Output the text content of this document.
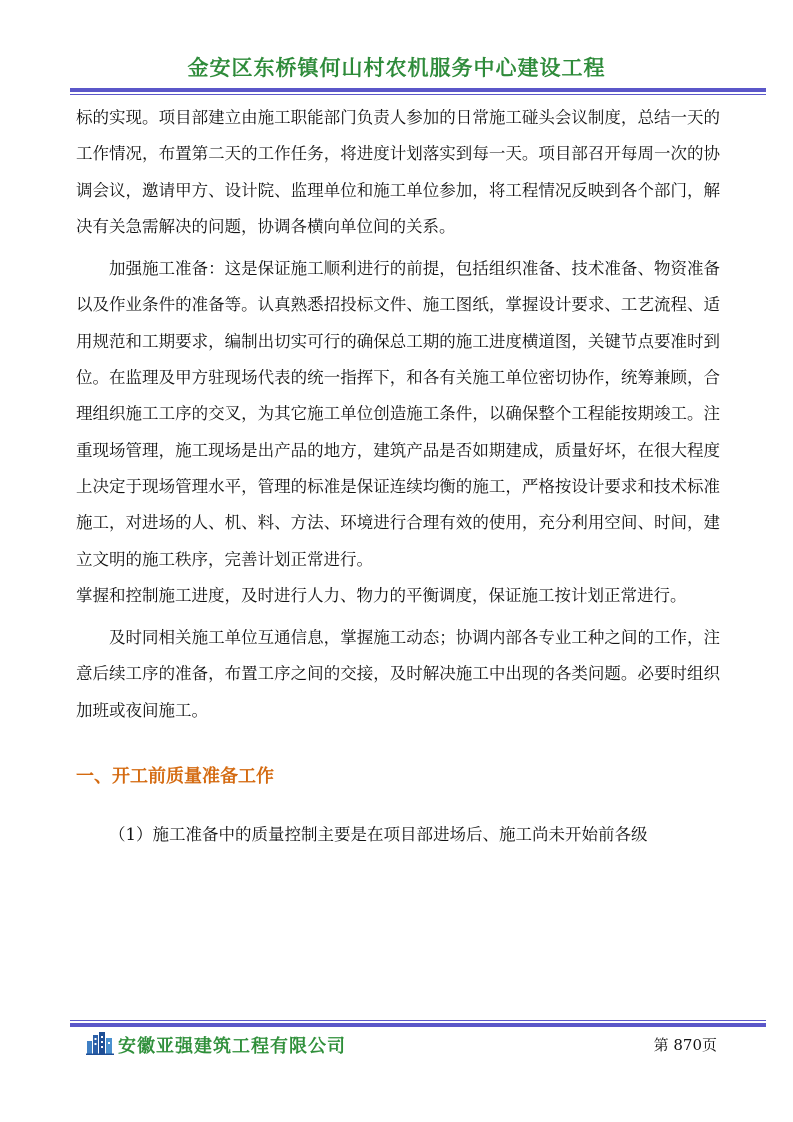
金安区东桥镇何山村农机服务中心建设工程

标的实现。项目部建立由施工职能部门负责人参加的日常施工碰头会议制度，总结一天的工作情况，布置第二天的工作任务，将进度计划落实到每一天。项目部召开每周一次的协调会议，邀请甲方、设计院、监理单位和施工单位参加，将工程情况反映到各个部门，解决有关急需解决的问题，协调各横向单位间的关系。

加强施工准备：这是保证施工顺利进行的前提，包括组织准备、技术准备、物资准备以及作业条件的准备等。认真熟悉招投标文件、施工图纸，掌握设计要求、工艺流程、适用规范和工期要求，编制出切实可行的确保总工期的施工进度横道图，关键节点要准时到位。在监理及甲方驻现场代表的统一指挥下，和各有关施工单位密切协作，统筹兼顾，合理组织施工工序的交叉，为其它施工单位创造施工条件，以确保整个工程能按期竣工。注重现场管理，施工现场是出产品的地方，建筑产品是否如期建成，质量好坏，在很大程度上决定于现场管理水平，管理的标准是保证连续均衡的施工，严格按设计要求和技术标准施工，对进场的人、机、料、方法、环境进行合理有效的使用，充分利用空间、时间，建立文明的施工秩序，完善计划正常进行。

掌握和控制施工进度，及时进行人力、物力的平衡调度，保证施工按计划正常进行。

及时同相关施工单位互通信息，掌握施工动态；协调内部各专业工种之间的工作，注意后续工序的准备，布置工序之间的交接，及时解决施工中出现的各类问题。必要时组织加班或夜间施工。

一、开工前质量准备工作

（1）施工准备中的质量控制主要是在项目部进场后、施工尚未开始前各级

安徽亚强建筑工程有限公司	第 870页
